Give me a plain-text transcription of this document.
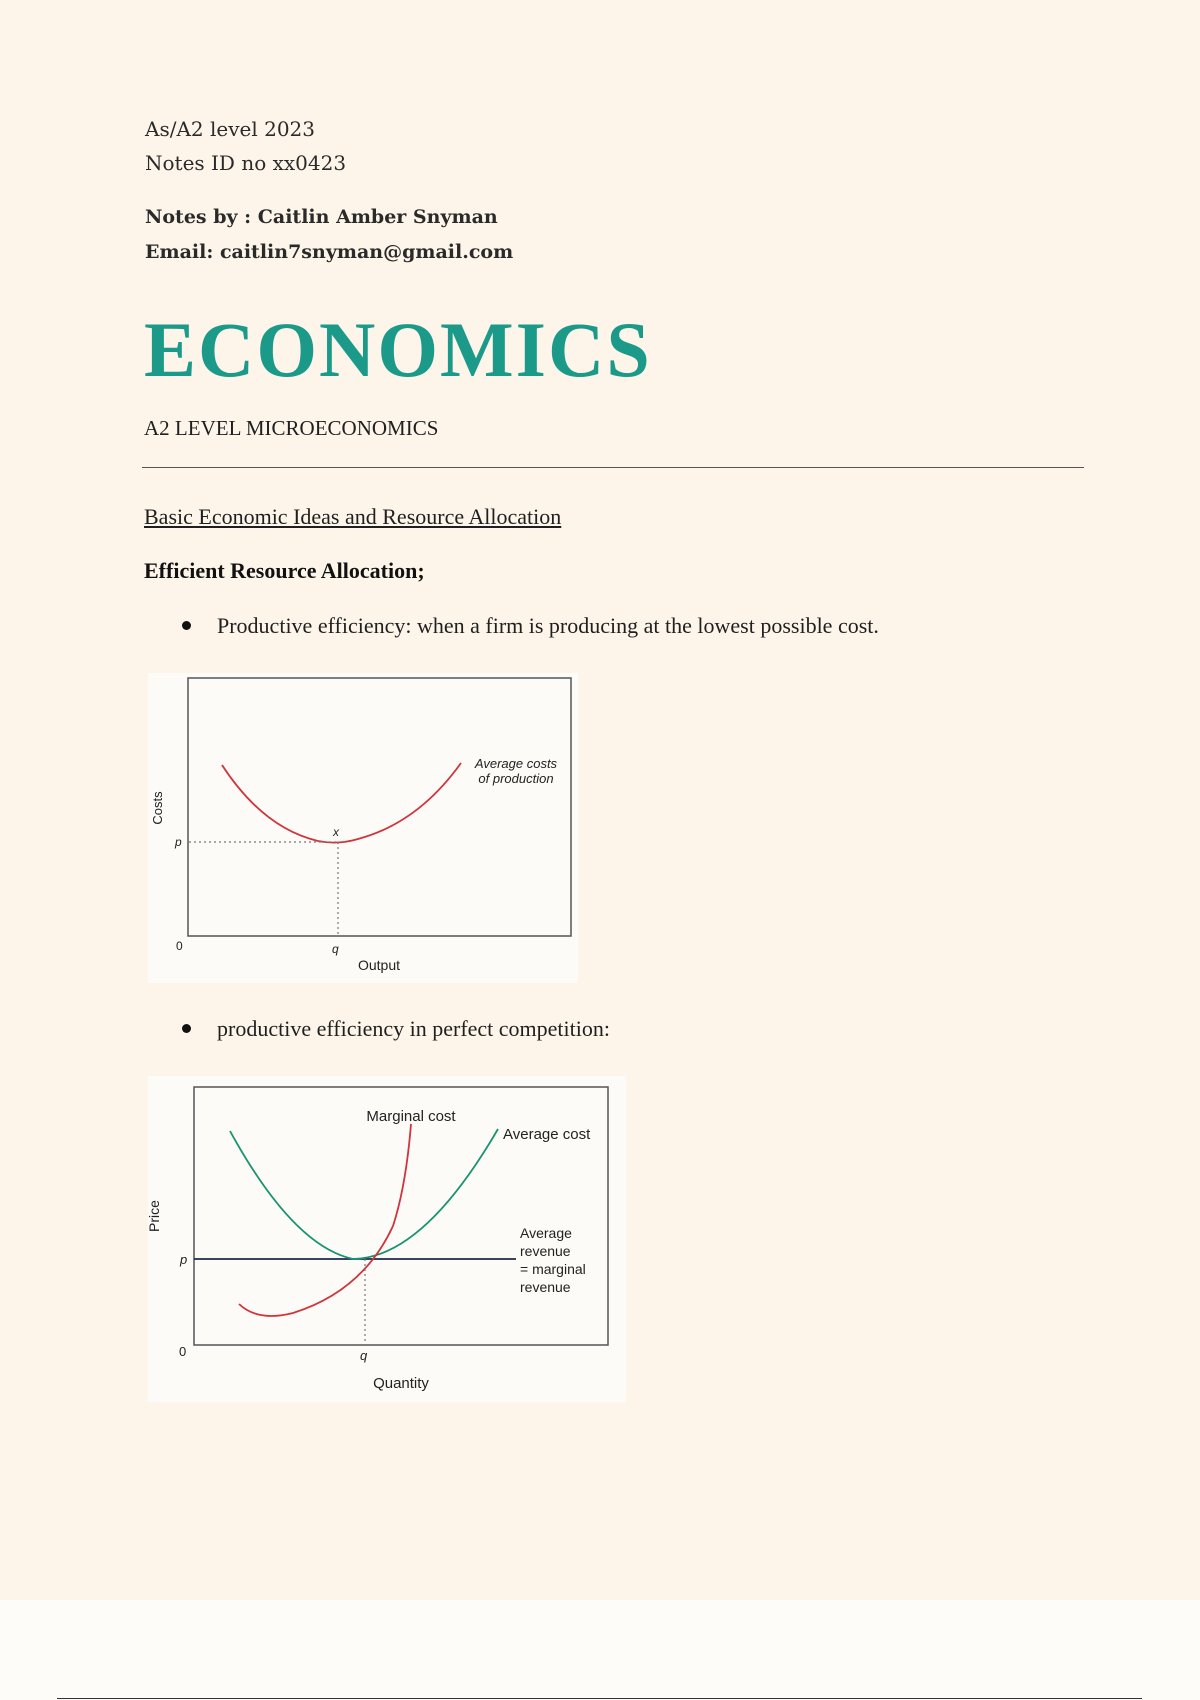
As/A2 level 2023
Notes ID no xx0423
Notes by : Caitlin Amber Snyman
Email: caitlin7snyman@gmail.com
ECONOMICS
A2 LEVEL MICROECONOMICS
Basic Economic Ideas and Resource Allocation
Efficient Resource Allocation;
Productive efficiency: when a firm is producing at the lowest possible cost.
x
p
0	q
Output
Costs
Average costs
of production
productive efficiency in perfect competition:
p
0	q
Quantity
Price
Marginal cost
Average cost
Average
revenue
= marginal
revenue
